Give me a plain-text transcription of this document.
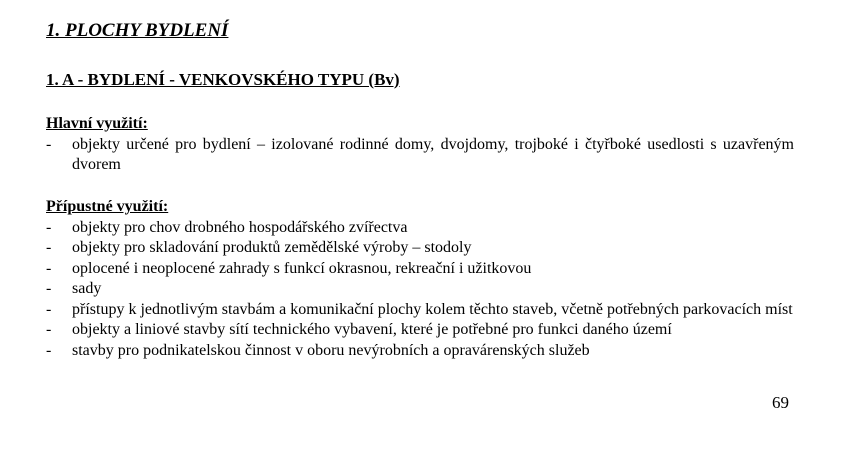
1. PLOCHY BYDLENÍ
1. A - BYDLENÍ - VENKOVSKÉHO TYPU (Bv)
Hlavní využití:
- objekty určené pro bydlení – izolované rodinné domy, dvojdomy, trojboké i čtyřboké usedlosti s uzavřeným dvorem
Přípustné využití:
- objekty pro chov drobného hospodářského zvířectva
- objekty pro skladování produktů zemědělské výroby – stodoly
- oplocené i neoplocené zahrady s funkcí okrasnou, rekreační i užitkovou
- sady
- přístupy k jednotlivým stavbám a komunikační plochy kolem těchto staveb, včetně potřebných parkovacích míst
- objekty a liniové stavby sítí technického vybavení, které je potřebné pro funkci daného území
- stavby pro podnikatelskou činnost v oboru nevýrobních a opravárenských služeb
69
